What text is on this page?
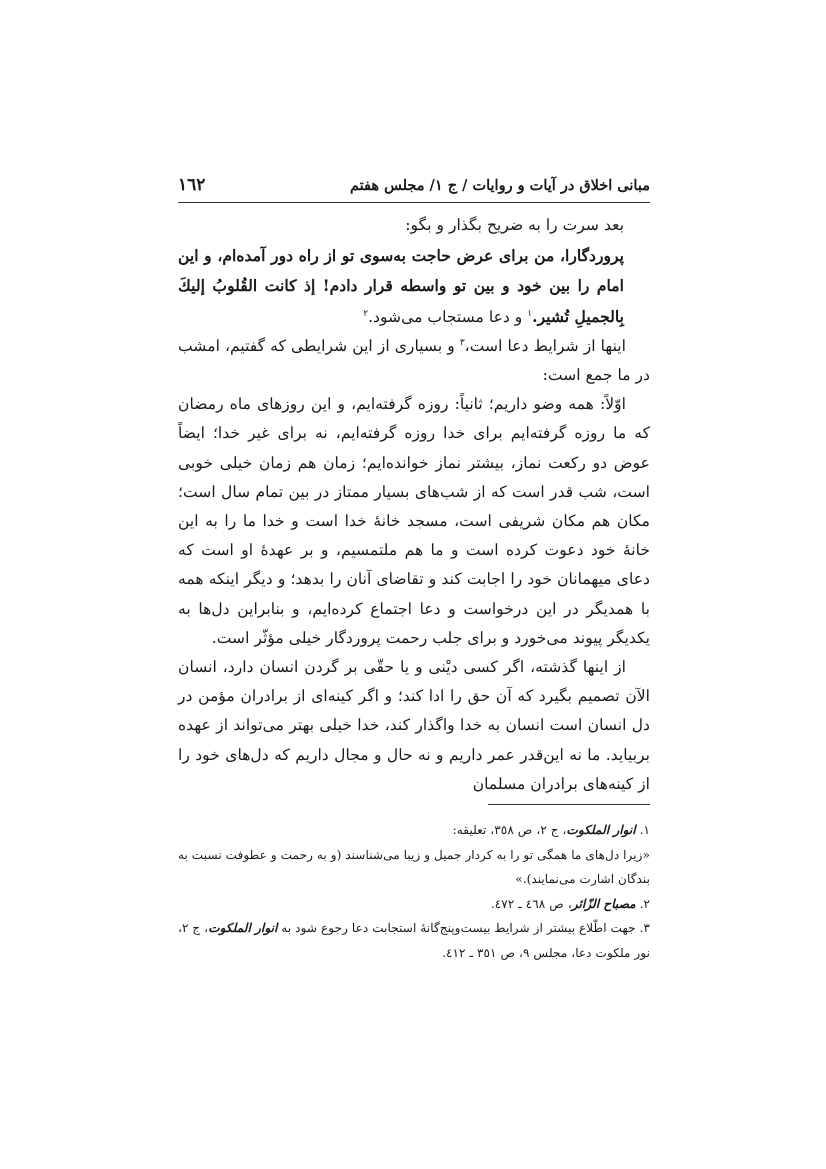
مبانی اخلاق در آیات و روایات / ج ١/ مجلس هفتم
١٦٢

بعد سرت را به ضریح بگذار و بگو:

پروردگارا، من برای عرض حاجت به‌سوی تو از راه دور آمده‌ام، و این امام را بین خود و بین تو واسطه قرار دادم! إذ کانت القُلوبُ إلیكَ بِالجمیلِ تُشیر.$^١$ و دعا مستجاب می‌شود.$^٢$

اینها از شرایط دعا است،$^٣$ و بسیاری از این شرایطی که گفتیم، امشب در ما جمع است:

اوّلاً: همه وضو داریم؛ ثانیاً: روزه گرفته‌ایم، و این روزهای ماه رمضان که ما روزه گرفته‌ایم برای خدا روزه گرفته‌ایم، نه برای غیر خدا؛ ایضاً عوض دو رکعت نماز، بیشتر نماز خوانده‌ایم؛ زمان هم زمان خیلی خوبی است، شب قدر است که از شب‌های بسیار ممتاز در بین تمام سال است؛ مکان هم مکان شریفی است، مسجد خانهٔ خدا است و خدا ما را به این خانهٔ خود دعوت کرده است و ما هم ملتمسیم، و بر عهدهٔ او است که دعای میهمانان خود را اجابت کند و تقاضای آنان را بدهد؛ و دیگر اینکه همه با همدیگر در این درخواست و دعا اجتماع کرده‌ایم، و بنابراین دل‌ها به یکدیگر پیوند می‌خورد و برای جلب رحمت پروردگار خیلی مؤثّر است.

از اینها گذشته، اگر کسی دیْنی و یا حقّی بر گردن انسان دارد، انسان الآن تصمیم بگیرد که آن حق را ادا کند؛ و اگر کینه‌ای از برادران مؤمن در دل انسان است انسان به خدا واگذار کند، خدا خیلی بهتر می‌تواند از عهده بربیاید. ما نه این‌قدر عمر داریم و نه حال و مجال داریم که دل‌های خود را از کینه‌های برادران مسلمان

١. انوار الملکوت، ج ٢، ص ٣٥٨، تعلیقه:

«زیرا دل‌های ما همگی تو را به کردار جمیل و زیبا می‌شناسند (و به رحمت و عطوفت نسبت به بندگان اشارت می‌نمایند).»

٢. مصباح الزّائر، ص ٤٦٨ ـ ٤٧٢.

٣. جهت اطّلاع بیشتر از شرایط بیست‌وپنج‌گانهٔ استجابت دعا رجوع شود به انوار الملکوت، ج ٢، نور ملکوت دعا، مجلس ٩، ص ٣٥١ ـ ٤١٢.
